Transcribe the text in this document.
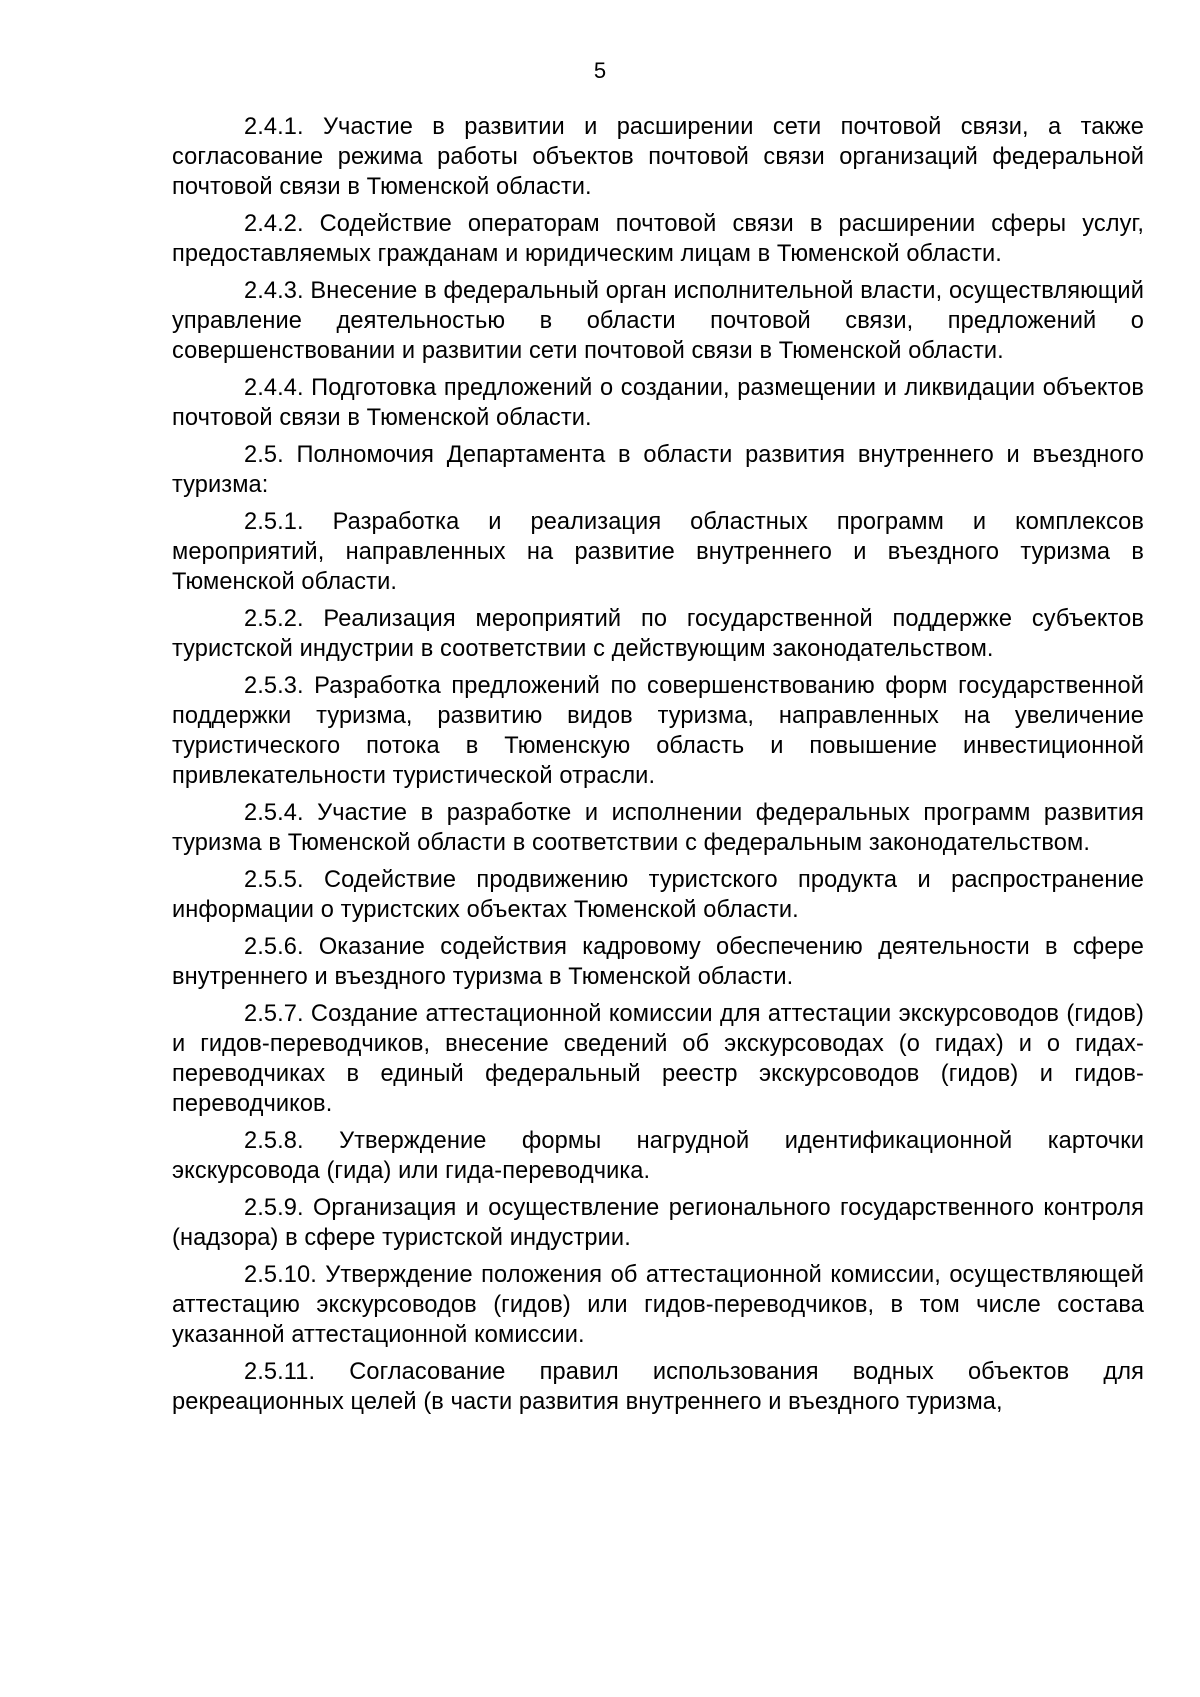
5

2.4.1. Участие в развитии и расширении сети почтовой связи, а также согласование режима работы объектов почтовой связи организаций федеральной почтовой связи в Тюменской области.

2.4.2. Содействие операторам почтовой связи в расширении сферы услуг, предоставляемых гражданам и юридическим лицам в Тюменской области.

2.4.3. Внесение в федеральный орган исполнительной власти, осуществляющий управление деятельностью в области почтовой связи, предложений о совершенствовании и развитии сети почтовой связи в Тюменской области.

2.4.4. Подготовка предложений о создании, размещении и ликвидации объектов почтовой связи в Тюменской области.

2.5. Полномочия Департамента в области развития внутреннего и въездного туризма:

2.5.1. Разработка и реализация областных программ и комплексов мероприятий, направленных на развитие внутреннего и въездного туризма в Тюменской области.

2.5.2. Реализация мероприятий по государственной поддержке субъектов туристской индустрии в соответствии с действующим законодательством.

2.5.3. Разработка предложений по совершенствованию форм государственной поддержки туризма, развитию видов туризма, направленных на увеличение туристического потока в Тюменскую область и повышение инвестиционной привлекательности туристической отрасли.

2.5.4. Участие в разработке и исполнении федеральных программ развития туризма в Тюменской области в соответствии с федеральным законодательством.

2.5.5. Содействие продвижению туристского продукта и распространение информации о туристских объектах Тюменской области.

2.5.6. Оказание содействия кадровому обеспечению деятельности в сфере внутреннего и въездного туризма в Тюменской области.

2.5.7. Создание аттестационной комиссии для аттестации экскурсоводов (гидов) и гидов-переводчиков, внесение сведений об экскурсоводах (о гидах) и о гидах-переводчиках в единый федеральный реестр экскурсоводов (гидов) и гидов-переводчиков.

2.5.8. Утверждение формы нагрудной идентификационной карточки экскурсовода (гида) или гида-переводчика.

2.5.9. Организация и осуществление регионального государственного контроля (надзора) в сфере туристской индустрии.

2.5.10. Утверждение положения об аттестационной комиссии, осуществляющей аттестацию экскурсоводов (гидов) или гидов-переводчиков, в том числе состава указанной аттестационной комиссии.

2.5.11. Согласование правил использования водных объектов для рекреационных целей (в части развития внутреннего и въездного туризма,
